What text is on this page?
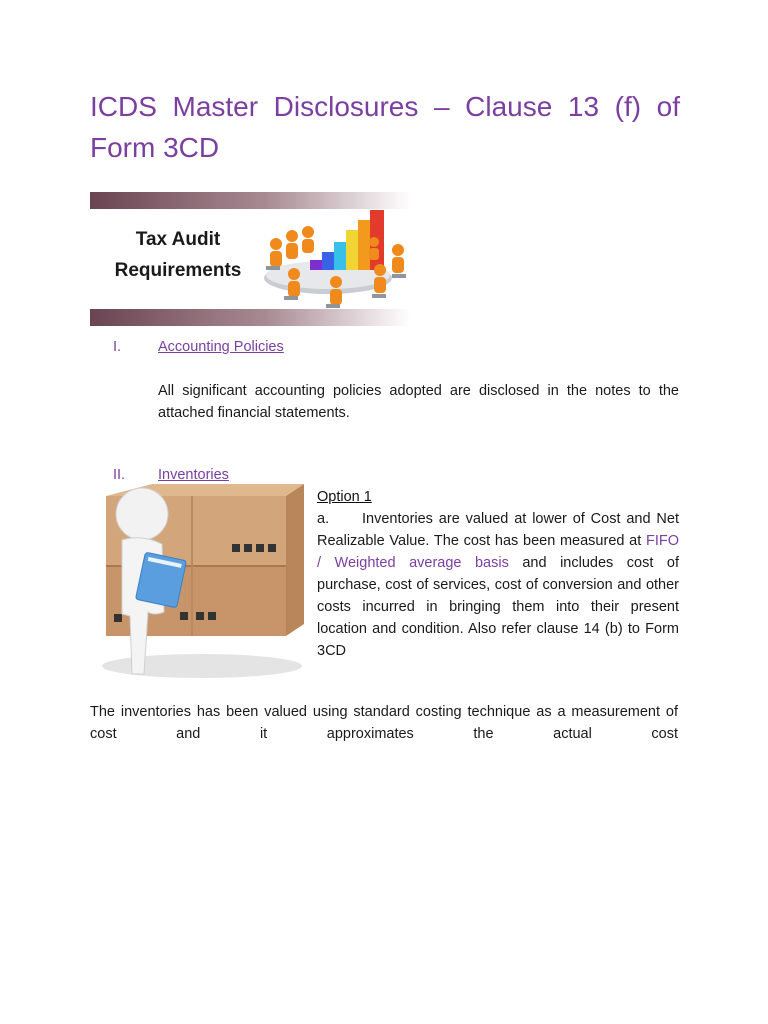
ICDS Master Disclosures – Clause 13 (f) of Form 3CD
Tax Audit
Requirements
I.	Accounting Policies

All significant accounting policies adopted are disclosed in the notes to the attached financial statements.

II. Inventories
Option 1

a. Inventories are valued at lower of Cost and Net Realizable Value. The cost has been measured at FIFO / Weighted average basis and includes cost of purchase, cost of services, cost of conversion and other costs incurred in bringing them into their present location and condition. Also refer clause 14 (b) to Form 3CD

The inventories has been valued using standard costing technique as a measurement of cost and it approximates the actual cost
